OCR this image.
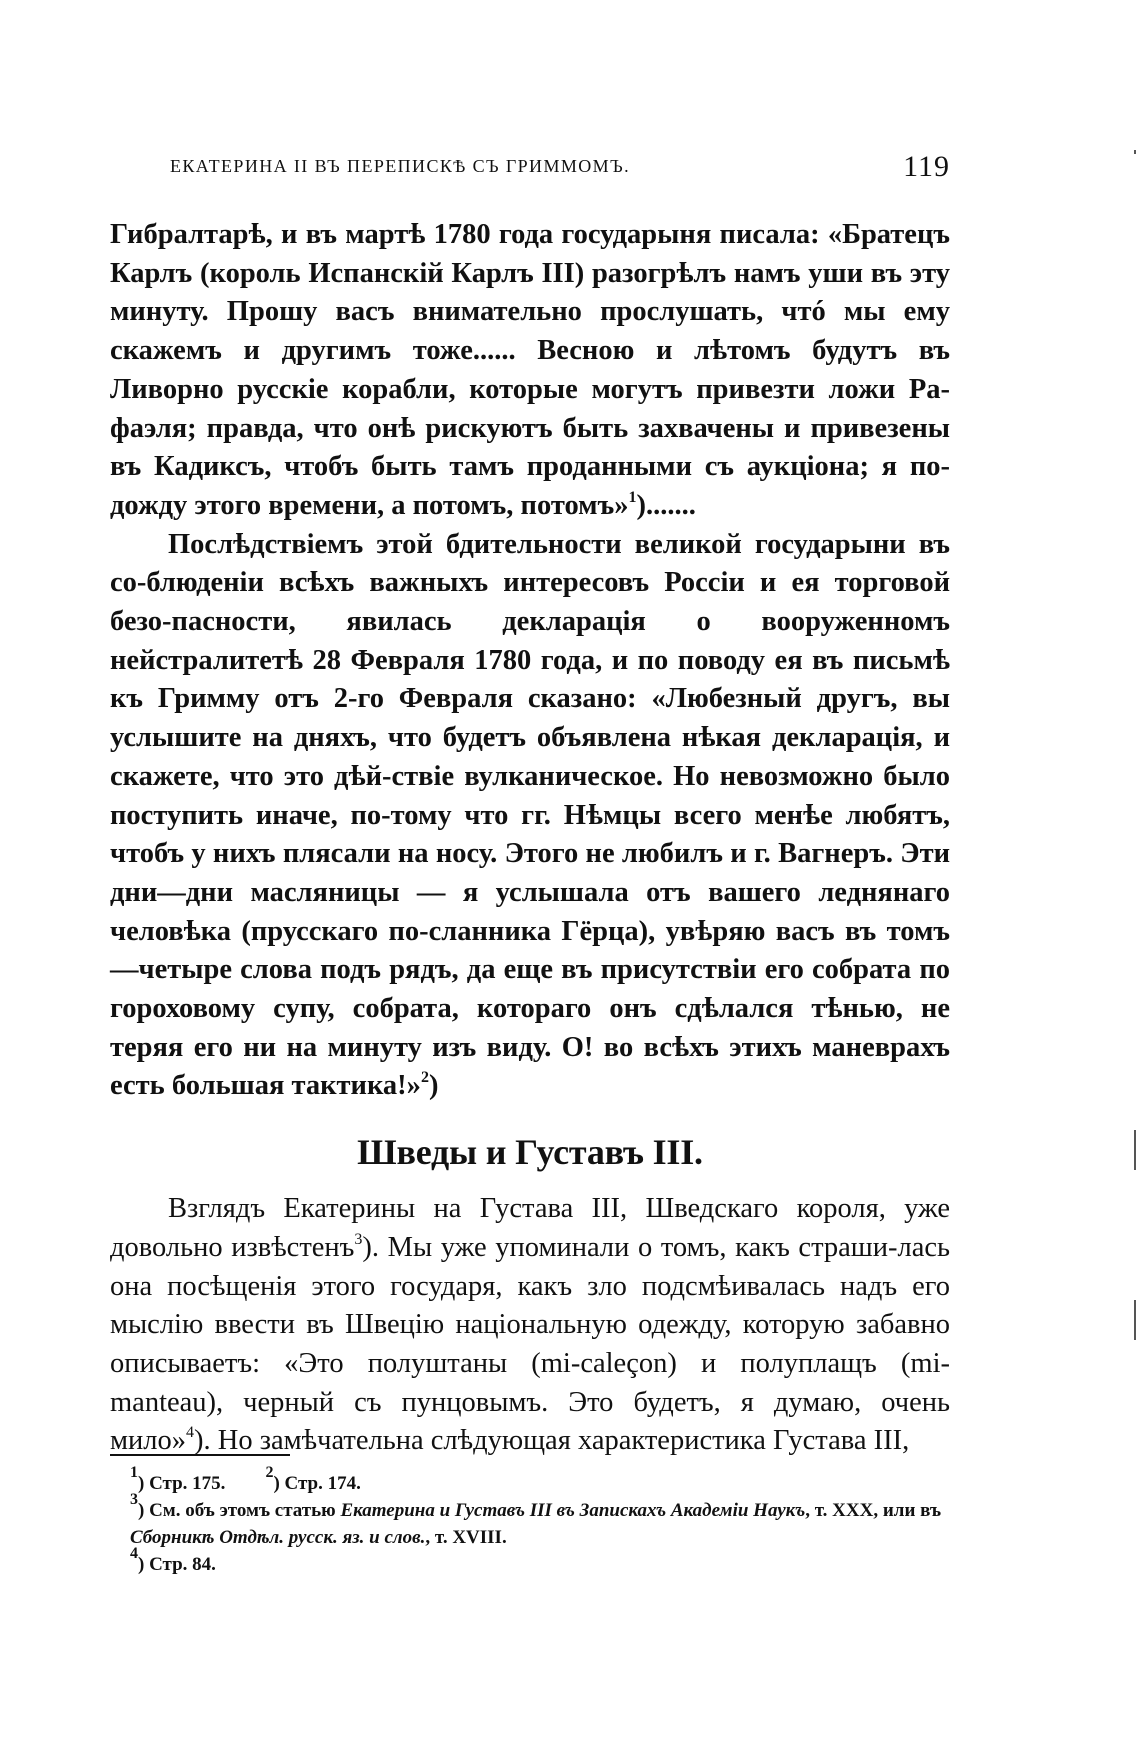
ЕКАТЕРИНА II ВЪ ПЕРЕПИСКѢ СЪ ГРИММОМЪ.	119

Гибралтарѣ, и въ мартѣ 1780 года государыня писала: «Братецъ Карлъ (король Испанскій Карлъ III) разогрѣлъ намъ уши въ эту минуту. Прошу васъ внимательно прослушать, чтó мы ему скажемъ и другимъ тоже...... Весною и лѣтомъ будутъ въ Ливорно русскіе корабли, которые могутъ привезти ложи Ра-фаэля; правда, что онѣ рискуютъ быть захвачены и привезены въ Кадиксъ, чтобъ быть тамъ проданными съ аукціона; я по-дожду этого времени, а потомъ, потомъ»$^1$).......

Послѣдствіемъ этой бдительности великой государыни въ со-блюденіи всѣхъ важныхъ интересовъ Россіи и ея торговой безо-пасности, явилась декларація о вооруженномъ нейстралитетѣ 28 Февраля 1780 года, и по поводу ея въ письмѣ къ Гримму отъ 2-го Февраля сказано: «Любезный другъ, вы услышите на дняхъ, что будетъ объявлена нѣкая декларація, и скажете, что это дѣй-ствіе вулканическое. Но невозможно было поступить иначе, по-тому что гг. Нѣмцы всего менѣе любятъ, чтобъ у нихъ плясали на носу. Этого не любилъ и г. Вагнеръ. Эти дни—дни масляницы — я услышала отъ вашего леднянаго человѣка (прусскаго по-сланника Гёрца), увѣряю васъ въ томъ—четыре слова подъ рядъ, да еще въ присутствіи его собрата по гороховому супу, собрата, котораго онъ сдѣлался тѣнью, не теряя его ни на минуту изъ виду. О! во всѣхъ этихъ маневрахъ есть большая тактика!»$^2$)

Шведы и Густавъ III.

Взглядъ Екатерины на Густава III, Шведскаго короля, уже довольно извѣстенъ$^3$). Мы уже упоминали о томъ, какъ страши-лась она посѣщенія этого государя, какъ зло подсмѣивалась надъ его мыслію ввести въ Швецію національную одежду, которую забавно описываетъ: «Это полуштаны (mi-caleçon) и полуплащъ (mi-manteau), черный съ пунцовымъ. Это будетъ, я думаю, очень мило»$^4$). Но замѣчательна слѣдующая характеристика Густава III,

$^1$) Стр. 175.$^2$) Стр. 174.

$^3$) См. объ этомъ статью Екатерина и Густавъ III въ Запискахъ Академіи Наукъ, т. XXX, или въ Сборникѣ Отдѣл. русск. яз. и слов., т. XVIII.

$^4$) Стр. 84.
